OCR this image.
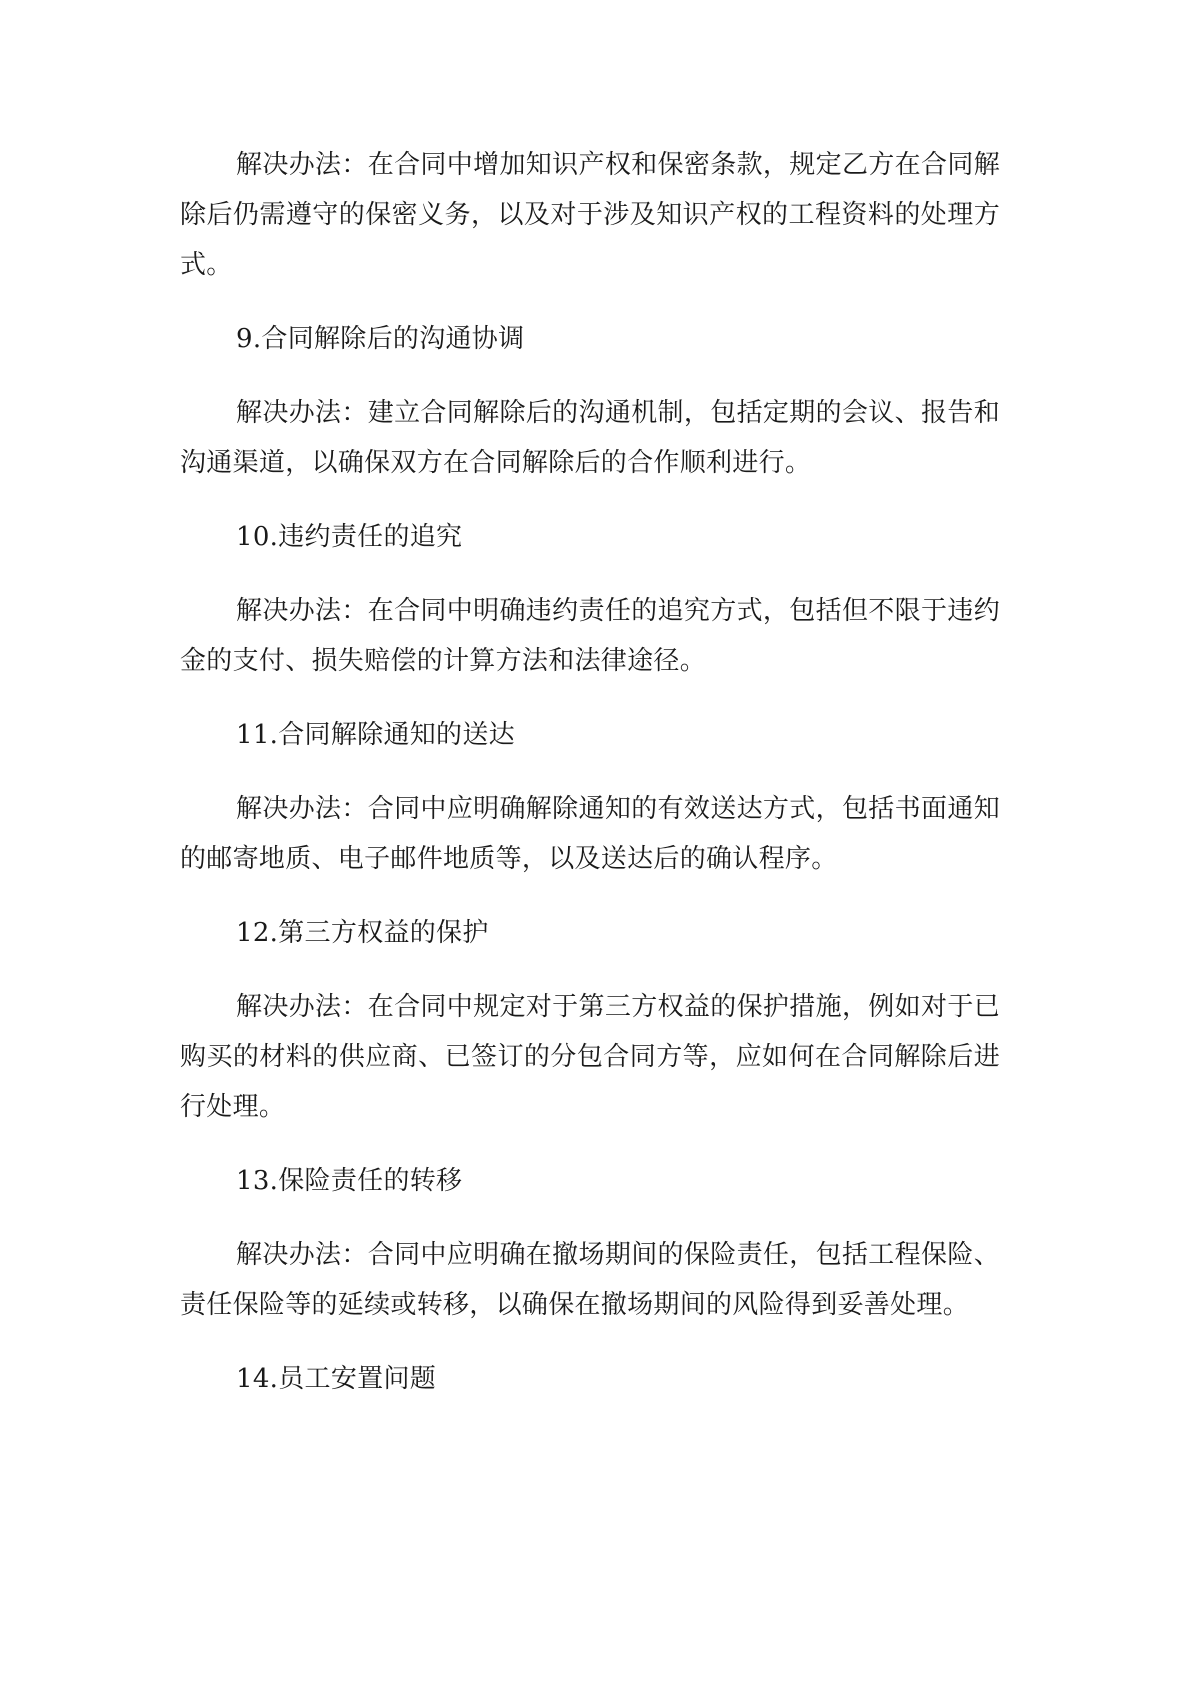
解决办法：在合同中增加知识产权和保密条款，规定乙方在合同解除后仍需遵守的保密义务，以及对于涉及知识产权的工程资料的处理方式。

9.合同解除后的沟通协调

解决办法：建立合同解除后的沟通机制，包括定期的会议、报告和沟通渠道，以确保双方在合同解除后的合作顺利进行。

10.违约责任的追究

解决办法：在合同中明确违约责任的追究方式，包括但不限于违约金的支付、损失赔偿的计算方法和法律途径。

11.合同解除通知的送达

解决办法：合同中应明确解除通知的有效送达方式，包括书面通知的邮寄地质、电子邮件地质等，以及送达后的确认程序。

12.第三方权益的保护

解决办法：在合同中规定对于第三方权益的保护措施，例如对于已购买的材料的供应商、已签订的分包合同方等，应如何在合同解除后进行处理。

13.保险责任的转移

解决办法：合同中应明确在撤场期间的保险责任，包括工程保险、责任保险等的延续或转移，以确保在撤场期间的风险得到妥善处理。

14.员工安置问题
